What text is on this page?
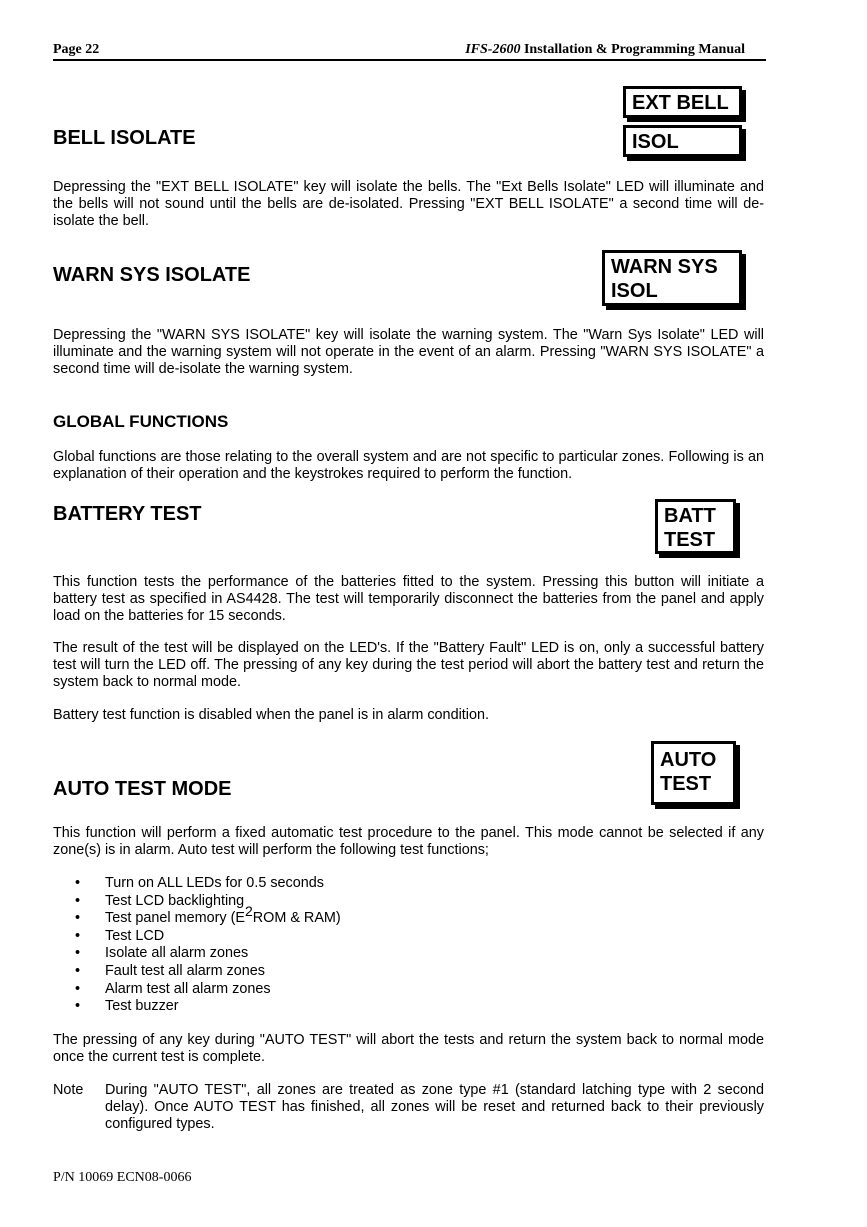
Page 22	IFS-2600 Installation & Programming Manual
EXT BELL
ISOL
BELL ISOLATE

Depressing the "EXT BELL ISOLATE" key will isolate the bells. The "Ext Bells Isolate" LED will illuminate and the bells will not sound until the bells are de-isolated. Pressing "EXT BELL ISOLATE" a second time will de-isolate the bell.

WARN SYS
ISOL
WARN SYS ISOLATE

Depressing the "WARN SYS ISOLATE" key will isolate the warning system. The "Warn Sys Isolate" LED will illuminate and the warning system will not operate in the event of an alarm. Pressing "WARN SYS ISOLATE" a second time will de-isolate the warning system.

GLOBAL FUNCTIONS

Global functions are those relating to the overall system and are not specific to particular zones. Following is an explanation of their operation and the keystrokes required to perform the function.

BATT
TEST
BATTERY TEST

This function tests the performance of the batteries fitted to the system. Pressing this button will initiate a battery test as specified in AS4428. The test will temporarily disconnect the batteries from the panel and apply load on the batteries for 15 seconds.

The result of the test will be displayed on the LED's. If the "Battery Fault" LED is on, only a successful battery test will turn the LED off. The pressing of any key during the test period will abort the battery test and return the system back to normal mode.

Battery test function is disabled when the panel is in alarm condition.

AUTO
TEST
AUTO TEST MODE

This function will perform a fixed automatic test procedure to the panel. This mode cannot be selected if any zone(s) is in alarm. Auto test will perform the following test functions;

• Turn on ALL LEDs for 0.5 seconds
• Test LCD backlighting
• Test panel memory ($E^2ROM$ & RAM)
• Test LCD
• Isolate all alarm zones
• Fault test all alarm zones
• Alarm test all alarm zones
• Test buzzer

The pressing of any key during "AUTO TEST" will abort the tests and return the system back to normal mode once the current test is complete.

Note During "AUTO TEST", all zones are treated as zone type #1 (standard latching type with 2 second delay). Once AUTO TEST has finished, all zones will be reset and returned back to their previously configured types.

P/N 10069 ECN08-0066
